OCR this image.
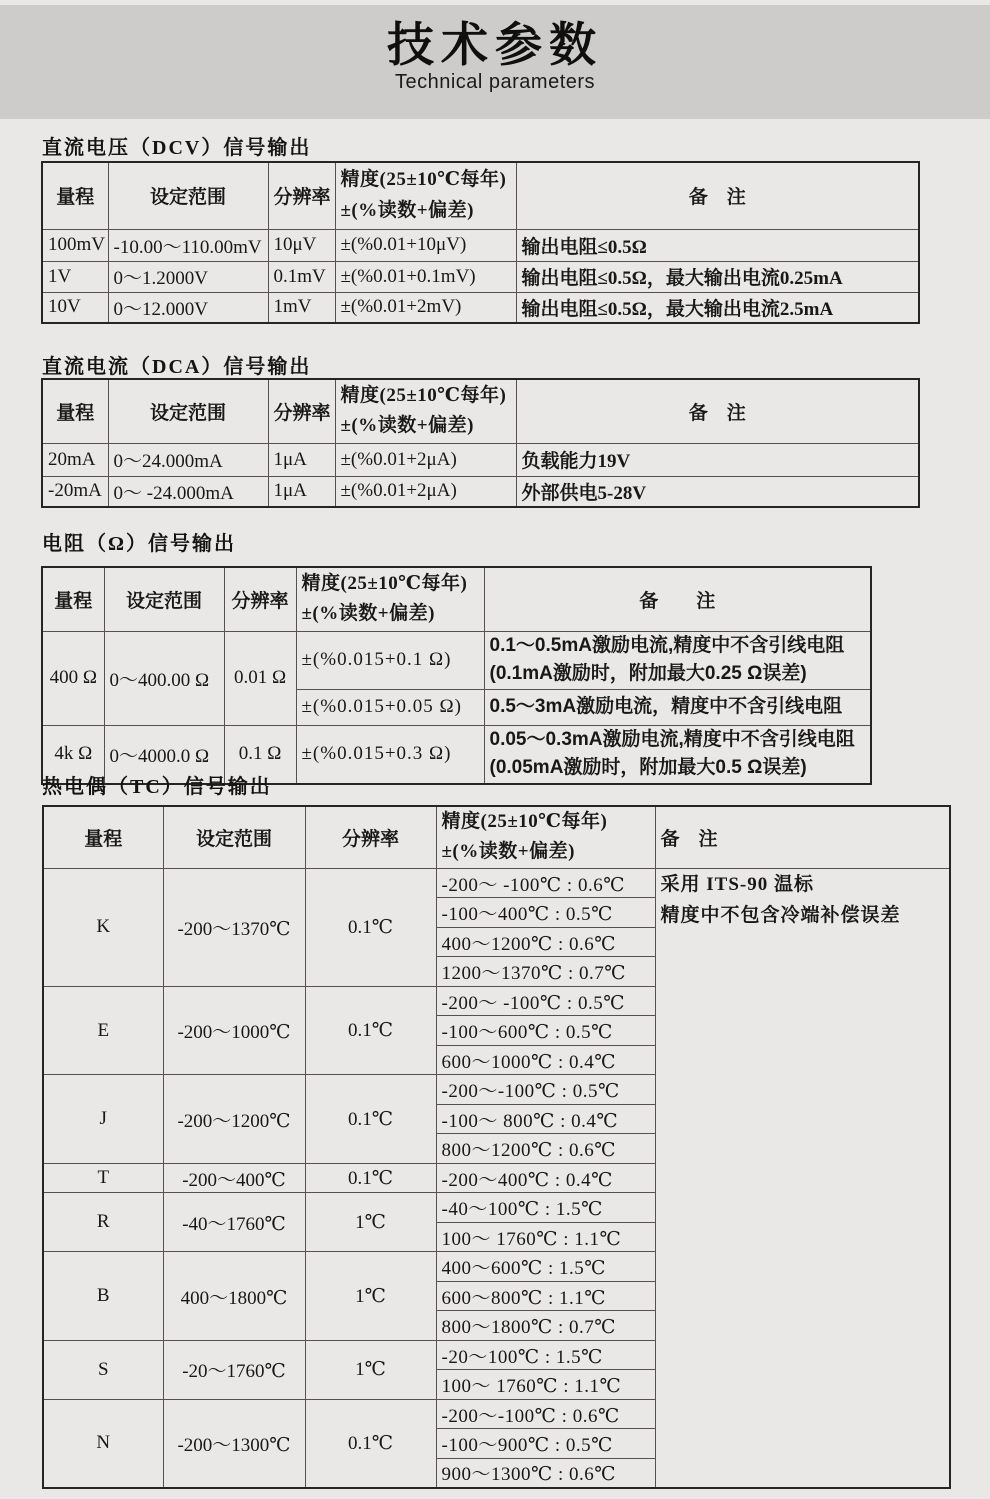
技术参数
Technical parameters
直流电压（DCV）信号输出
量程	设定范围	分辨率	精度(25±10℃每年)
±(%读数+偏差)	备　注
100mV	-10.00～110.00mV	10μV	±(%0.01+10μV)	输出电阻≤0.5Ω
1V	0～1.2000V	0.1mV	±(%0.01+0.1mV)	输出电阻≤0.5Ω，最大输出电流0.25mA
10V	0～12.000V	1mV	±(%0.01+2mV)	输出电阻≤0.5Ω，最大输出电流2.5mA
直流电流（DCA）信号输出
量程	设定范围	分辨率	精度(25±10℃每年)
±(%读数+偏差)	备　注
20mA	0～24.000mA	1μA	±(%0.01+2μA)	负载能力19V
-20mA	0～ -24.000mA	1μA	±(%0.01+2μA)	外部供电5-28V
电阻（Ω）信号输出
量程	设定范围	分辨率	精度(25±10℃每年)
±(%读数+偏差)	备　　注
400 Ω	0～400.00 Ω	0.01 Ω	±(%0.015+0.1 Ω)	0.1～0.5mA激励电流,精度中不含引线电阻
(0.1mA激励时，附加最大0.25 Ω误差)

			±(%0.015+0.05 Ω)	0.5～3mA激励电流，精度中不含引线电阻

4k Ω	0～4000.0 Ω	0.1 Ω	±(%0.015+0.3 Ω)	0.05～0.3mA激励电流,精度中不含引线电阻
(0.05mA激励时，附加最大0.5 Ω误差)
热电偶（TC）信号输出
量程	设定范围	分辨率	精度(25±10℃每年)
±(%读数+偏差)	备　注
K	-200～1370℃	0.1℃	-200～ -100℃ : 0.6℃	采用 ITS-90 温标
精度中不包含冷端补偿误差

			-100～400℃ : 0.5℃	
			400～1200℃ : 0.6℃	
			1200～1370℃ : 0.7℃	
E	-200～1000℃	0.1℃	-200～ -100℃ : 0.5℃	
			-100～600℃ : 0.5℃	
			600～1000℃ : 0.4℃	
J	-200～1200℃	0.1℃	-200～-100℃ : 0.5℃	
			-100～ 800℃ : 0.4℃	
			800～1200℃ : 0.6℃	
T	-200～400℃	0.1℃	-200～400℃ : 0.4℃	
R	-40～1760℃	1℃	-40～100℃ : 1.5℃	
			100～ 1760℃ : 1.1℃	
B	400～1800℃	1℃	400～600℃ : 1.5℃	
			600～800℃ : 1.1℃	
			800～1800℃ : 0.7℃	
S	-20～1760℃	1℃	-20～100℃ : 1.5℃	
			100～ 1760℃ : 1.1℃	
N	-200～1300℃	0.1℃	-200～-100℃ : 0.6℃	
			-100～900℃ : 0.5℃	
			900～1300℃ : 0.6℃	
